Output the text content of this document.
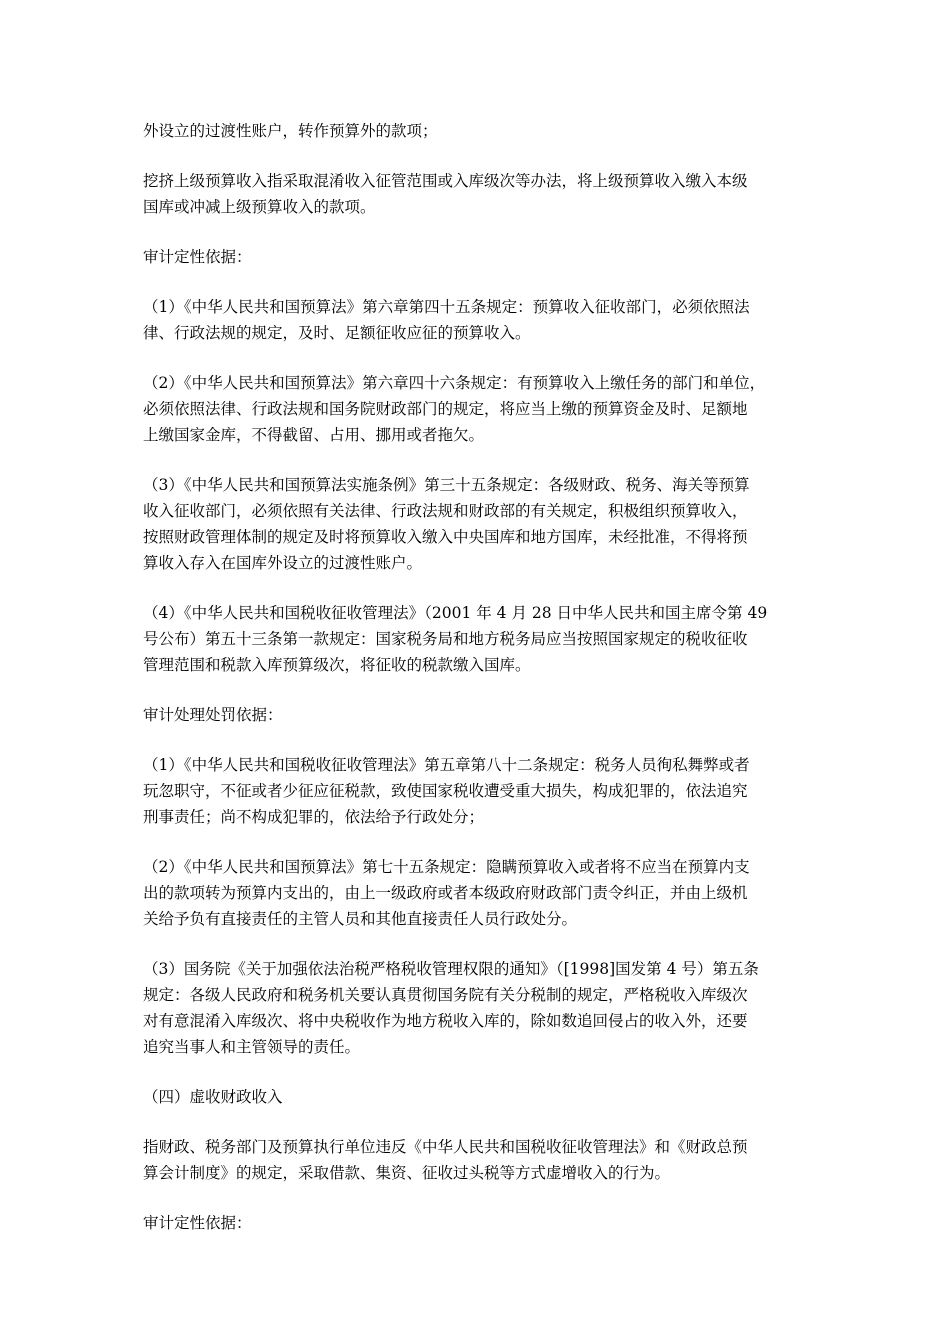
外设立的过渡性账户，转作预算外的款项；

挖挤上级预算收入指采取混淆收入征管范围或入库级次等办法，将上级预算收入缴入本级
国库或冲减上级预算收入的款项。

审计定性依据：

（1）《中华人民共和国预算法》第六章第四十五条规定：预算收入征收部门，必须依照法
律、行政法规的规定，及时、足额征收应征的预算收入。

（2）《中华人民共和国预算法》第六章四十六条规定：有预算收入上缴任务的部门和单位，
必须依照法律、行政法规和国务院财政部门的规定，将应当上缴的预算资金及时、足额地
上缴国家金库，不得截留、占用、挪用或者拖欠。

（3）《中华人民共和国预算法实施条例》第三十五条规定：各级财政、税务、海关等预算
收入征收部门，必须依照有关法律、行政法规和财政部的有关规定，积极组织预算收入，
按照财政管理体制的规定及时将预算收入缴入中央国库和地方国库，未经批准，不得将预
算收入存入在国库外设立的过渡性账户。

（4）《中华人民共和国税收征收管理法》（2001 年 4 月 28 日中华人民共和国主席令第 49
号公布）第五十三条第一款规定：国家税务局和地方税务局应当按照国家规定的税收征收
管理范围和税款入库预算级次，将征收的税款缴入国库。

审计处理处罚依据：

（1）《中华人民共和国税收征收管理法》第五章第八十二条规定：税务人员徇私舞弊或者
玩忽职守，不征或者少征应征税款，致使国家税收遭受重大损失，构成犯罪的，依法追究
刑事责任；尚不构成犯罪的，依法给予行政处分；

（2）《中华人民共和国预算法》第七十五条规定：隐瞒预算收入或者将不应当在预算内支
出的款项转为预算内支出的，由上一级政府或者本级政府财政部门责令纠正，并由上级机
关给予负有直接责任的主管人员和其他直接责任人员行政处分。

（3）国务院《关于加强依法治税严格税收管理权限的通知》（[1998]国发第 4 号）第五条
规定：各级人民政府和税务机关要认真贯彻国务院有关分税制的规定，严格税收入库级次
对有意混淆入库级次、将中央税收作为地方税收入库的，除如数追回侵占的收入外，还要
追究当事人和主管领导的责任。

（四）虚收财政收入

指财政、税务部门及预算执行单位违反《中华人民共和国税收征收管理法》和《财政总预
算会计制度》的规定，采取借款、集资、征收过头税等方式虚增收入的行为。

审计定性依据：
